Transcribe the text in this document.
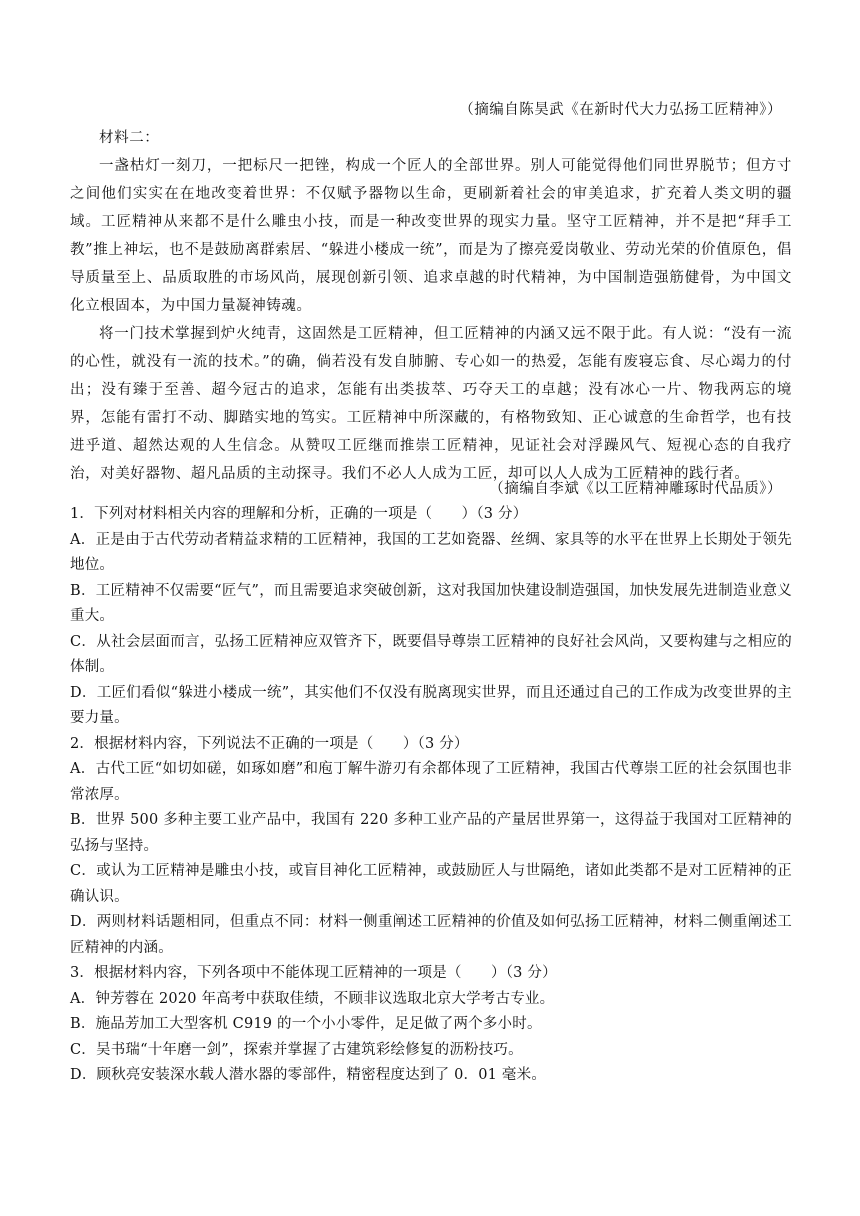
（摘编自陈昊武《在新时代大力弘扬工匠精神》）

材料二：

一盏枯灯一刻刀，一把标尺一把锉，构成一个匠人的全部世界。别人可能觉得他们同世界脱节；但方寸之间他们实实在在地改变着世界：不仅赋予器物以生命，更刷新着社会的审美追求，扩充着人类文明的疆域。工匠精神从来都不是什么雕虫小技，而是一种改变世界的现实力量。坚守工匠精神，并不是把“拜手工教”推上神坛，也不是鼓励离群索居、“躲进小楼成一统”，而是为了擦亮爱岗敬业、劳动光荣的价值原色，倡导质量至上、品质取胜的市场风尚，展现创新引领、追求卓越的时代精神，为中国制造强筋健骨，为中国文化立根固本，为中国力量凝神铸魂。

将一门技术掌握到炉火纯青，这固然是工匠精神，但工匠精神的内涵又远不限于此。有人说：“没有一流的心性，就没有一流的技术。”的确，倘若没有发自肺腑、专心如一的热爱，怎能有废寝忘食、尽心竭力的付出；没有臻于至善、超今冠古的追求，怎能有出类拔萃、巧夺天工的卓越；没有冰心一片、物我两忘的境界，怎能有雷打不动、脚踏实地的笃实。工匠精神中所深藏的，有格物致知、正心诚意的生命哲学，也有技进乎道、超然达观的人生信念。从赞叹工匠继而推崇工匠精神，见证社会对浮躁风气、短视心态的自我疗治，对美好器物、超凡品质的主动探寻。我们不必人人成为工匠，却可以人人成为工匠精神的践行者。

（摘编自李斌《以工匠精神雕琢时代品质》）

1．下列对材料相关内容的理解和分析，正确的一项是（　　）（3 分）

A．正是由于古代劳动者精益求精的工匠精神，我国的工艺如瓷器、丝绸、家具等的水平在世界上长期处于领先地位。

B．工匠精神不仅需要“匠气”，而且需要追求突破创新，这对我国加快建设制造强国，加快发展先进制造业意义重大。

C．从社会层面而言，弘扬工匠精神应双管齐下，既要倡导尊崇工匠精神的良好社会风尚，又要构建与之相应的体制。

D．工匠们看似“躲进小楼成一统”，其实他们不仅没有脱离现实世界，而且还通过自己的工作成为改变世界的主要力量。

2．根据材料内容，下列说法不正确的一项是（　　）（3 分）

A．古代工匠“如切如磋，如琢如磨”和庖丁解牛游刃有余都体现了工匠精神，我国古代尊崇工匠的社会氛围也非常浓厚。

B．世界 500 多种主要工业产品中，我国有 220 多种工业产品的产量居世界第一，这得益于我国对工匠精神的弘扬与坚持。

C．或认为工匠精神是雕虫小技，或盲目神化工匠精神，或鼓励匠人与世隔绝，诸如此类都不是对工匠精神的正确认识。

D．两则材料话题相同，但重点不同：材料一侧重阐述工匠精神的价值及如何弘扬工匠精神，材料二侧重阐述工匠精神的内涵。

3．根据材料内容，下列各项中不能体现工匠精神的一项是（　　）（3 分）

A．钟芳蓉在 2020 年高考中获取佳绩，不顾非议选取北京大学考古专业。

B．施品芳加工大型客机 C919 的一个小小零件，足足做了两个多小时。

C．吴书瑞“十年磨一剑”，探索并掌握了古建筑彩绘修复的沥粉技巧。

D．顾秋亮安装深水载人潜水器的零部件，精密程度达到了 0．01 毫米。
